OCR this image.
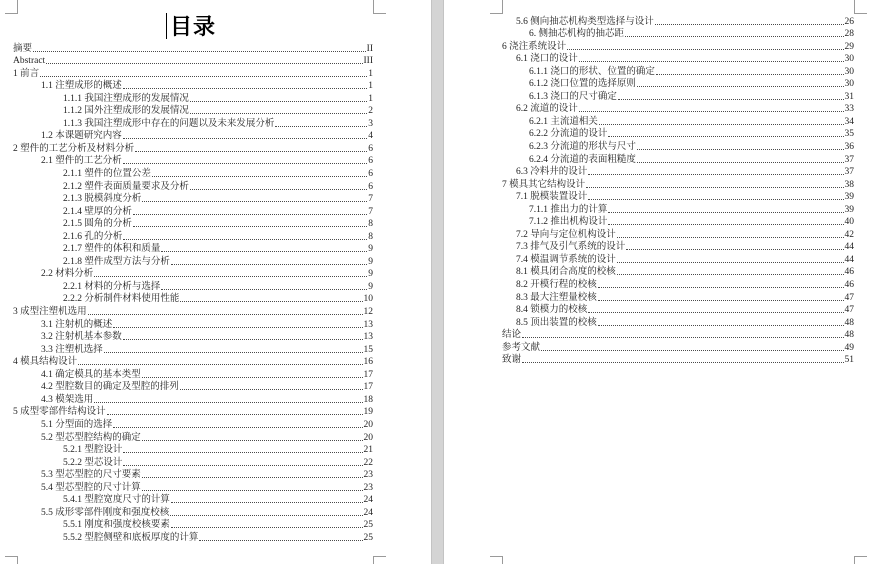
目录
摘要	II
Abstract	III
1 前言	1
1.1 注塑成形的概述	1
1.1.1 我国注塑成形的发展情况	1
1.1.2 国外注塑成形的发展情况	2
1.1.3 我国注塑成形中存在的问题以及未来发展分析	3
1.2 本课题研究内容	4
2 塑件的工艺分析及材料分析	6
2.1 塑件的工艺分析	6
2.1.1 塑件的位置公差	6
2.1.2 塑件表面质量要求及分析	6
2.1.3 脱模斜度分析	7
2.1.4 壁厚的分析	7
2.1.5 圆角的分析	8
2.1.6 孔的分析	8
2.1.7 塑件的体积和质量	9
2.1.8 塑件成型方法与分析	9
2.2 材料分析	9
2.2.1 材料的分析与选择	9
2.2.2 分析制件材料使用性能	10
3 成型注塑机选用	12
3.1 注射机的概述	13
3.2 注射机基本参数	13
3.3 注塑机选择	15
4 模具结构设计	16
4.1 确定模具的基本类型	17
4.2 型腔数目的确定及型腔的排列	17
4.3 模架选用	18
5 成型零部件结构设计	19
5.1 分型面的选择	20
5.2 型芯型腔结构的确定	20
5.2.1 型腔设计	21
5.2.2 型芯设计	22
5.3 型芯型腔的尺寸要素	23
5.4 型芯型腔的尺寸计算	23
5.4.1 型腔宽度尺寸的计算	24
5.5 成形零部件刚度和强度校核	24
5.5.1 刚度和强度校核要素	25
5.5.2 型腔侧壁和底板厚度的计算	25
5.6 侧向抽芯机构类型选择与设计	26
6. 侧抽芯机构的抽芯距	28
6 浇注系统设计	29
6.1 浇口的设计	30
6.1.1 浇口的形状、位置的确定	30
6.1.2 浇口位置的选择原则	30
6.1.3 浇口的尺寸确定	31
6.2 流道的设计	33
6.2.1 主流道相关	34
6.2.2 分流道的设计	35
6.2.3 分流道的形状与尺寸	36
6.2.4 分流道的表面粗糙度	37
6.3 冷料井的设计	37
7 模具其它结构设计	38
7.1 脱模装置设计	39
7.1.1 推出力的计算	39
7.1.2 推出机构设计	40
7.2 导向与定位机构设计	42
7.3 排气及引气系统的设计	44
7.4 模温调节系统的设计	44
8.1 模具闭合高度的校核	46
8.2 开模行程的校核	46
8.3 最大注塑量校核	47
8.4 锁模力的校核	47
8.5 顶出装置的校核	48
结论	48
参考文献	49
致谢	51
